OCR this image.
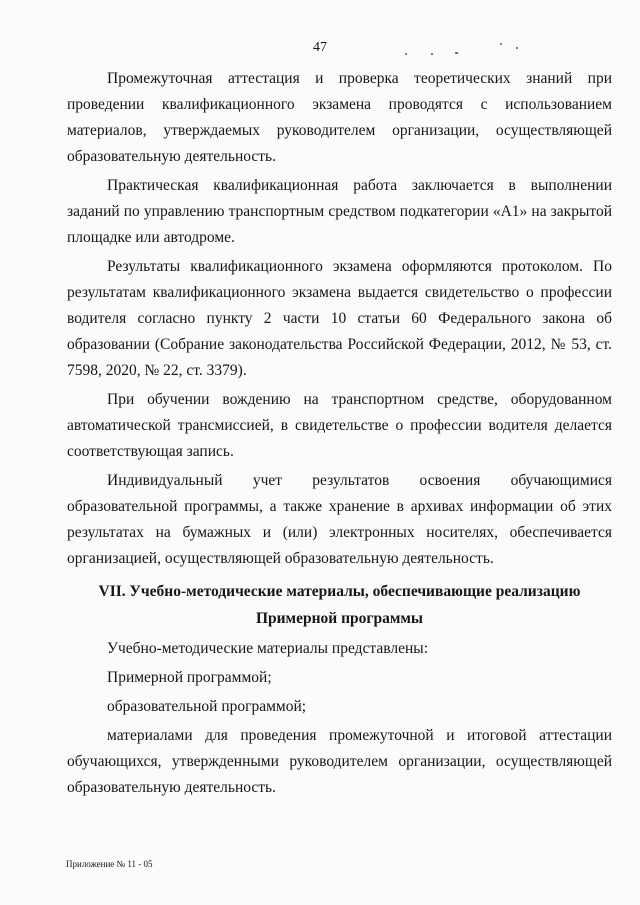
47

Промежуточная аттестация и проверка теоретических знаний при проведении квалификационного экзамена проводятся с использованием материалов, утверждаемых руководителем организации, осуществляющей образовательную деятельность.

Практическая квалификационная работа заключается в выполнении заданий по управлению транспортным средством подкатегории «A1» на закрытой площадке или автодроме.

Результаты квалификационного экзамена оформляются протоколом. По результатам квалификационного экзамена выдается свидетельство о профессии водителя согласно пункту 2 части 10 статьи 60 Федерального закона об образовании (Собрание законодательства Российской Федерации, 2012, № 53, ст. 7598, 2020, № 22, ст. 3379).

При обучении вождению на транспортном средстве, оборудованном автоматической трансмиссией, в свидетельстве о профессии водителя делается соответствующая запись.

Индивидуальный учет результатов освоения обучающимися образовательной программы, а также хранение в архивах информации об этих результатах на бумажных и (или) электронных носителях, обеспечивается организацией, осуществляющей образовательную деятельность.

VII. Учебно-методические материалы, обеспечивающие реализацию
Примерной программы

Учебно-методические материалы представлены:

Примерной программой;

образовательной программой;

материалами для проведения промежуточной и итоговой аттестации обучающихся, утвержденными руководителем организации, осуществляющей образовательную деятельность.

Приложение № 11 - 05
